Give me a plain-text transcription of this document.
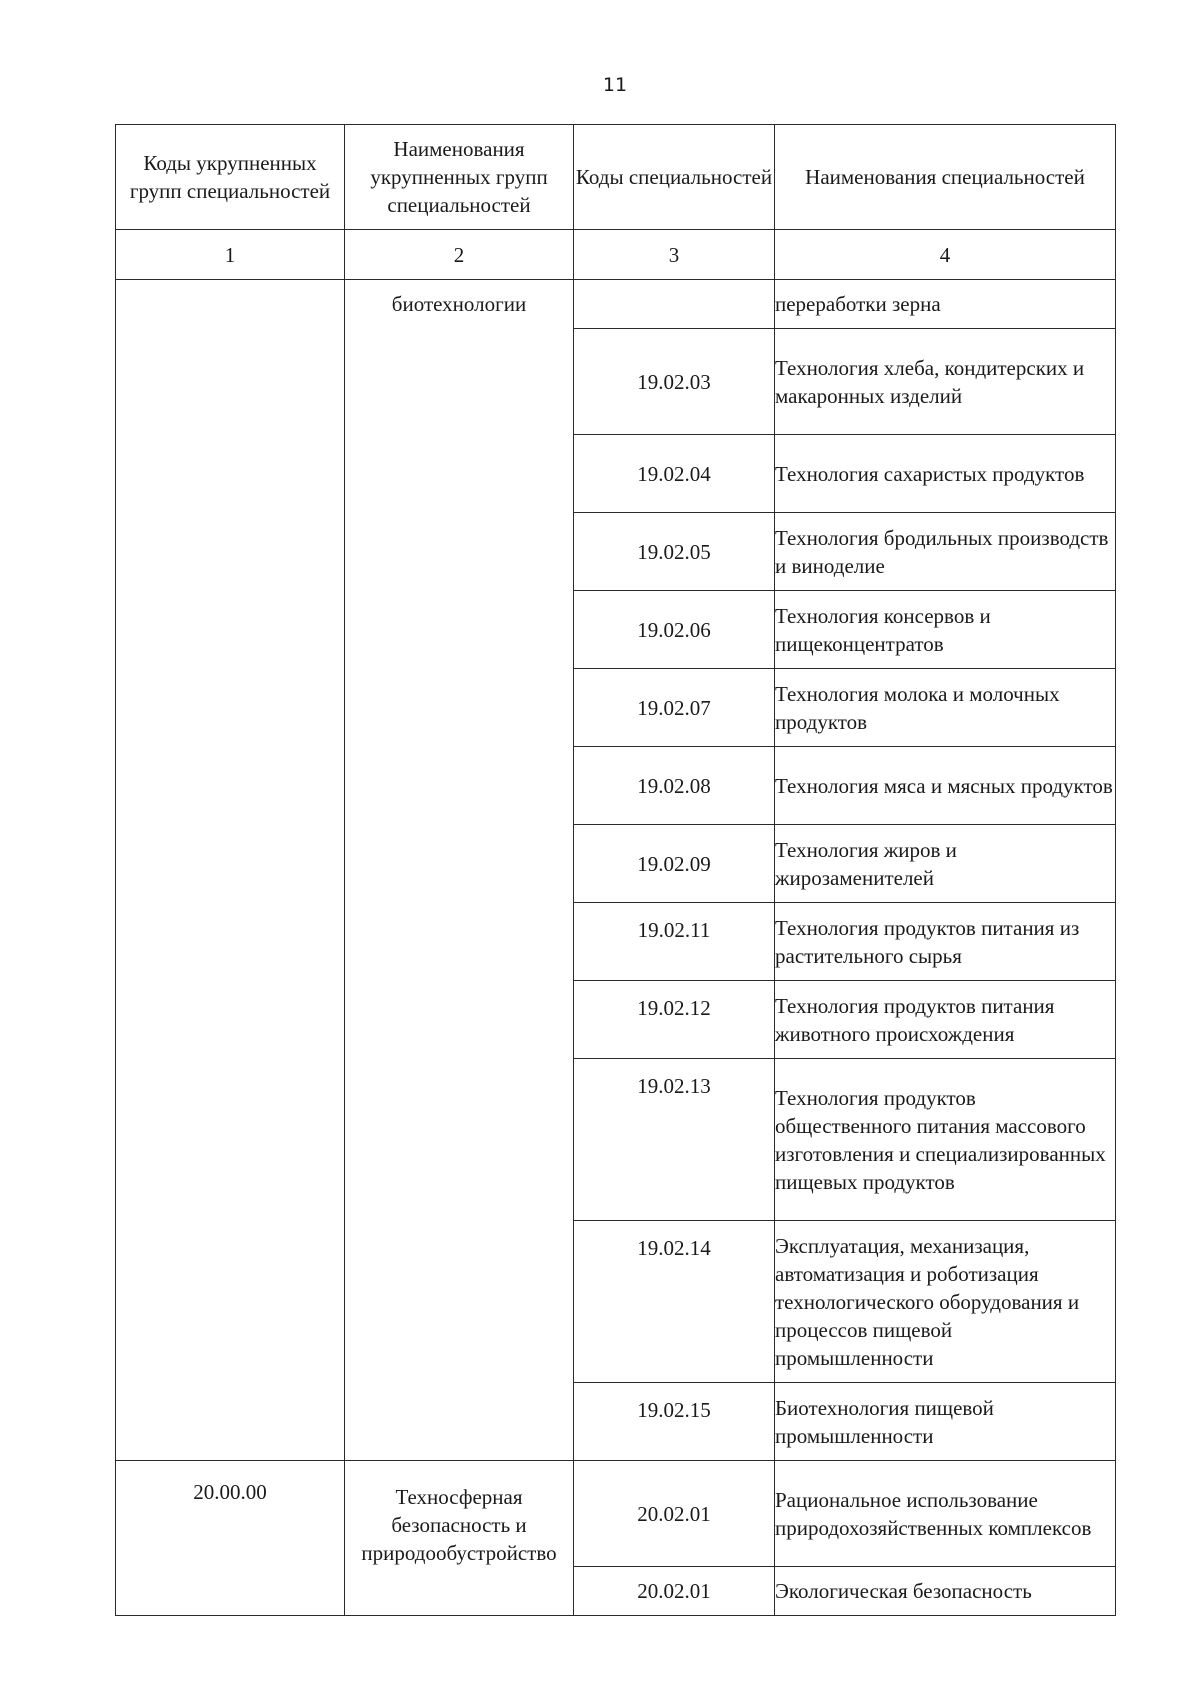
11
Коды укрупненных групп специальностей	Наименования укрупненных групп специальностей	Коды специальностей	Наименования специальностей
1	2	3	4
	биотехнологии		переработки зерна
		19.02.03	Технология хлеба, кондитерских и макаронных изделий
		19.02.04	Технология сахаристых продуктов
		19.02.05	Технология бродильных производств и виноделие
		19.02.06	Технология консервов и пищеконцентратов
		19.02.07	Технология молока и молочных продуктов
		19.02.08	Технология мяса и мясных продуктов
		19.02.09	Технология жиров и жирозаменителей
		19.02.11	Технология продуктов питания из растительного сырья
		19.02.12	Технология продуктов питания животного происхождения
		19.02.13	Технология продуктов общественного питания массового изготовления и специализированных пищевых продуктов
		19.02.14	Эксплуатация, механизация, автоматизация и роботизация технологического оборудования и процессов пищевой промышленности
		19.02.15	Биотехнология пищевой промышленности
20.00.00	Техносферная безопасность и природообустройство	20.02.01	Рациональное использование природохозяйственных комплексов
		20.02.01	Экологическая безопасность
